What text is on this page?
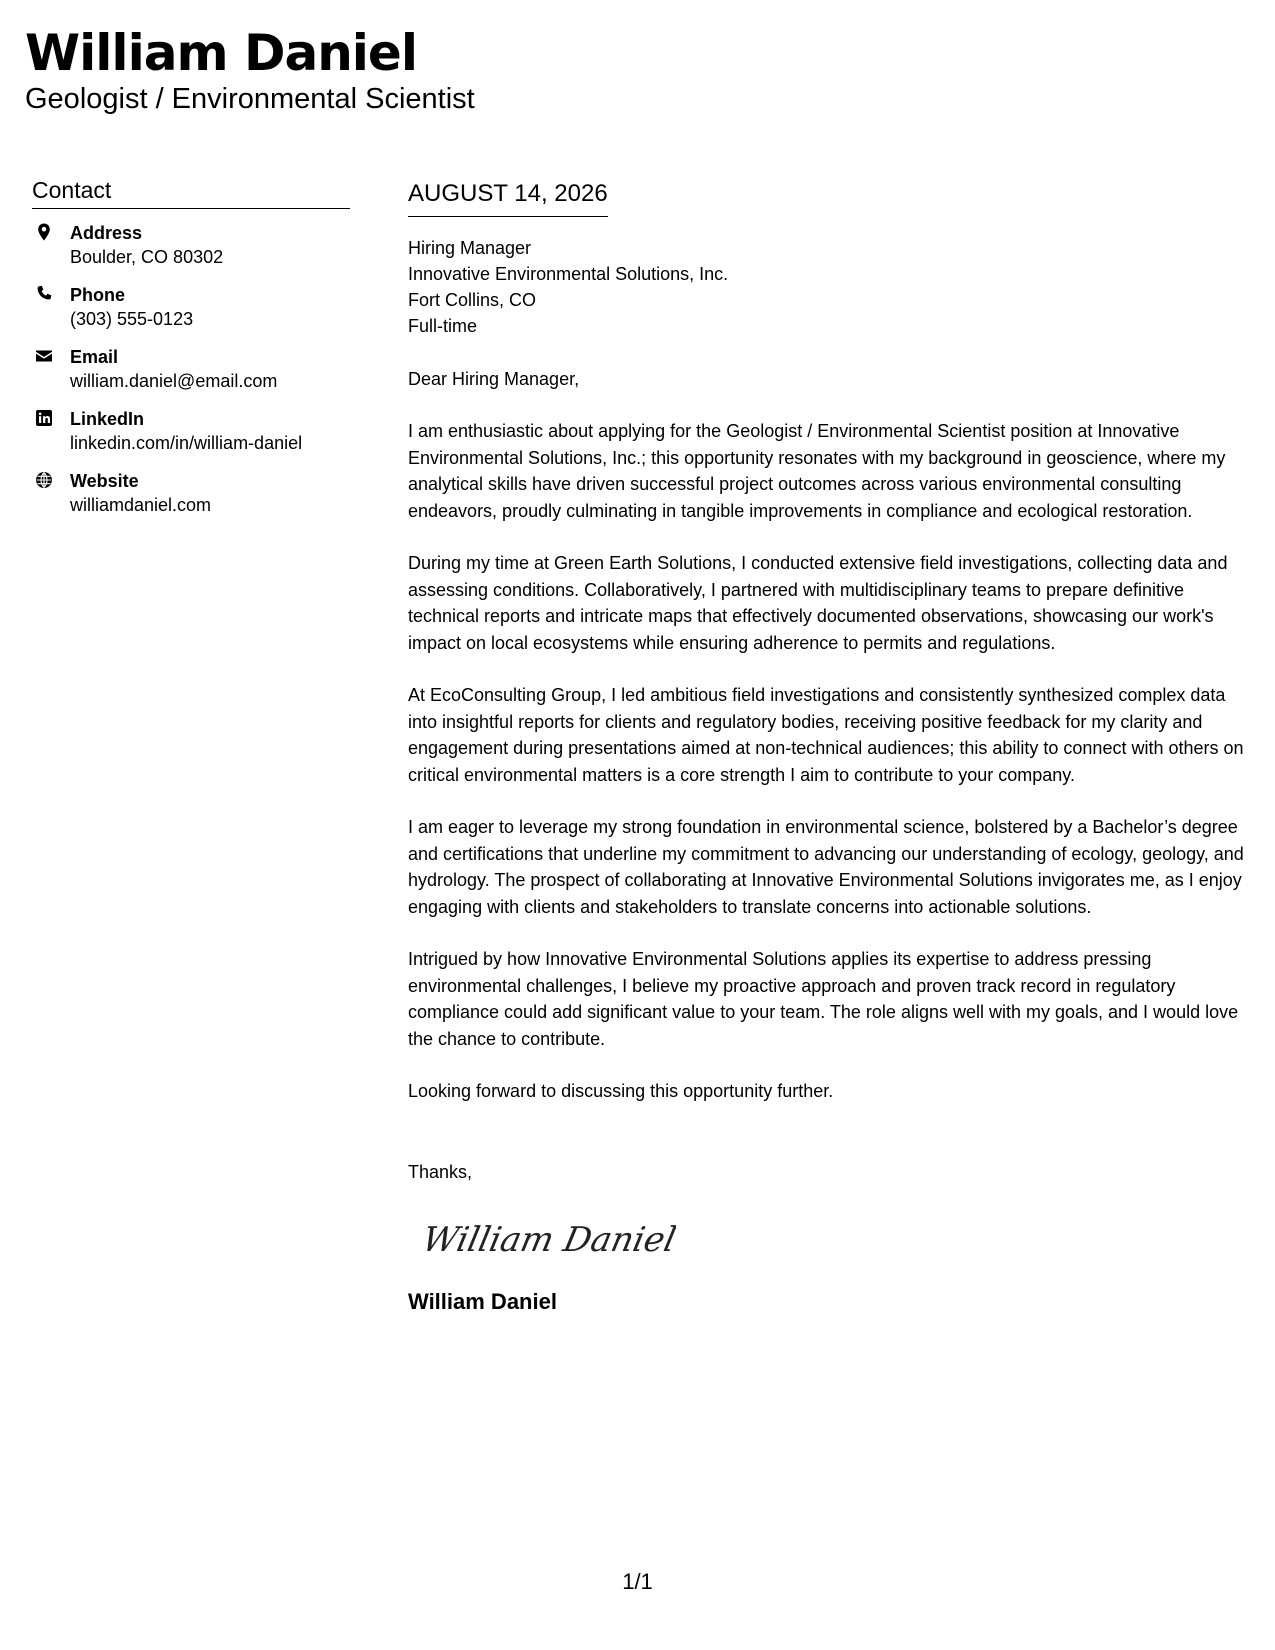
William Daniel
Geologist / Environmental Scientist
Contact
Address
Boulder, CO 80302
Phone
(303) 555-0123
Email
william.daniel@email.com
LinkedIn
linkedin.com/in/william-daniel
Website
williamdaniel.com
AUGUST 14, 2026
Hiring Manager
Innovative Environmental Solutions, Inc.
Fort Collins, CO
Full-time
Dear Hiring Manager,

I am enthusiastic about applying for the Geologist / Environmental Scientist position at Innovative Environmental Solutions, Inc.; this opportunity resonates with my background in geoscience, where my analytical skills have driven successful project outcomes across various environmental consulting endeavors, proudly culminating in tangible improvements in compliance and ecological restoration.

During my time at Green Earth Solutions, I conducted extensive field investigations, collecting data and assessing conditions. Collaboratively, I partnered with multidisciplinary teams to prepare definitive technical reports and intricate maps that effectively documented observations, showcasing our work's impact on local ecosystems while ensuring adherence to permits and regulations.

At EcoConsulting Group, I led ambitious field investigations and consistently synthesized complex data into insightful reports for clients and regulatory bodies, receiving positive feedback for my clarity and engagement during presentations aimed at non-technical audiences; this ability to connect with others on critical environmental matters is a core strength I aim to contribute to your company.

I am eager to leverage my strong foundation in environmental science, bolstered by a Bachelor’s degree and certifications that underline my commitment to advancing our understanding of ecology, geology, and hydrology. The prospect of collaborating at Innovative Environmental Solutions invigorates me, as I enjoy engaging with clients and stakeholders to translate concerns into actionable solutions.

Intrigued by how Innovative Environmental Solutions applies its expertise to address pressing environmental challenges, I believe my proactive approach and proven track record in regulatory compliance could add significant value to your team. The role aligns well with my goals, and I would love the chance to contribute.

Looking forward to discussing this opportunity further.

Thanks,
William Daniel
William Daniel
1/1
